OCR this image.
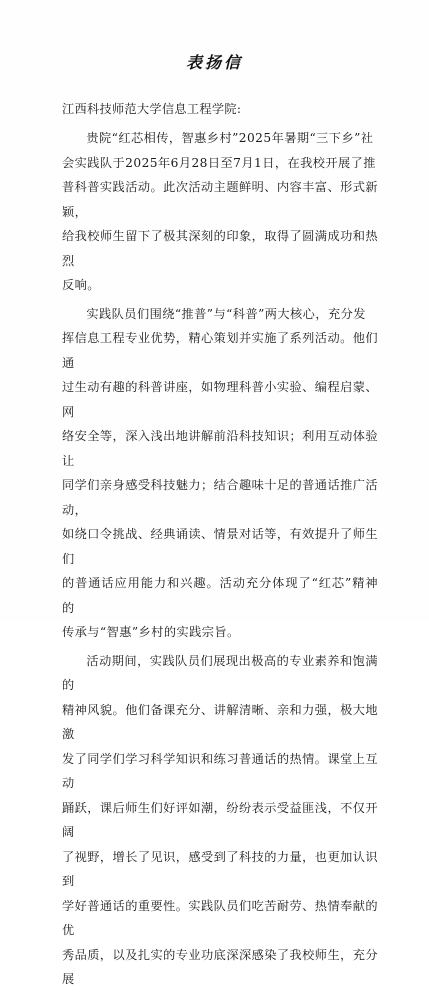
表扬信
江西科技师范大学信息工程学院:

贵院“红芯相传，智惠乡村”2025年暑期“三下乡”社
会实践队于2025年6月28日至7月1日，在我校开展了推
普科普实践活动。此次活动主题鲜明、内容丰富、形式新颖，
给我校师生留下了极其深刻的印象，取得了圆满成功和热烈
反响。

实践队员们围绕“推普”与“科普”两大核心，充分发
挥信息工程专业优势，精心策划并实施了系列活动。他们通
过生动有趣的科普讲座，如物理科普小实验、编程启蒙、网
络安全等，深入浅出地讲解前沿科技知识；利用互动体验让
同学们亲身感受科技魅力；结合趣味十足的普通话推广活动，
如绕口令挑战、经典诵读、情景对话等，有效提升了师生们
的普通话应用能力和兴趣。活动充分体现了“红芯”精神的
传承与“智惠”乡村的实践宗旨。

活动期间，实践队员们展现出极高的专业素养和饱满的
精神风貌。他们备课充分、讲解清晰、亲和力强，极大地激
发了同学们学习科学知识和练习普通话的热情。课堂上互动
踊跃，课后师生们好评如潮，纷纷表示受益匪浅，不仅开阔
了视野，增长了见识，感受到了科技的力量，也更加认识到
学好普通话的重要性。实践队员们吃苦耐劳、热情奉献的优
秀品质，以及扎实的专业功底深深感染了我校师生，充分展
